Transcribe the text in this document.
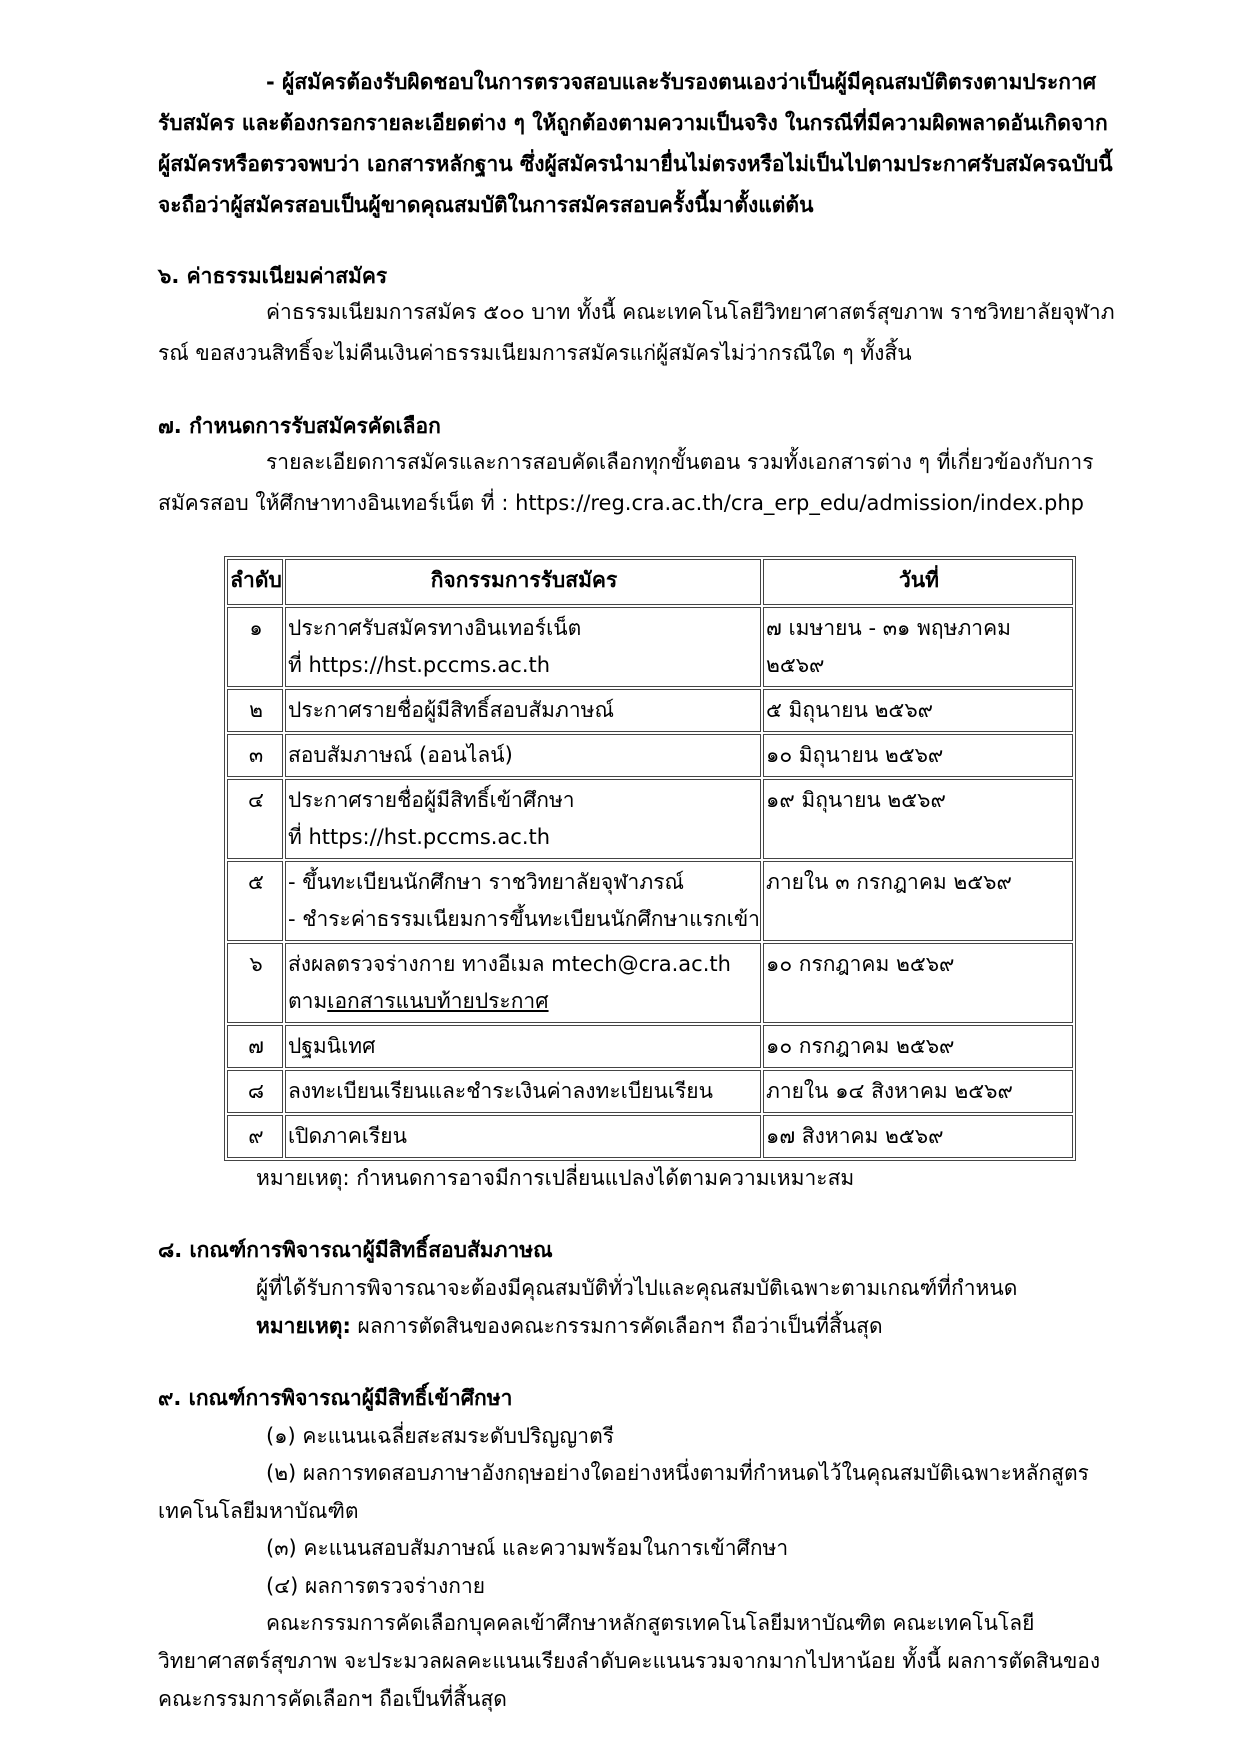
- ผู้สมัครต้องรับผิดชอบในการตรวจสอบและรับรองตนเองว่าเป็นผู้มีคุณสมบัติตรงตามประกาศรับสมัคร และต้องกรอกรายละเอียดต่าง ๆ ให้ถูกต้องตามความเป็นจริง ในกรณีที่มีความผิดพลาดอันเกิดจากผู้สมัครหรือตรวจพบว่า เอกสารหลักฐาน ซึ่งผู้สมัครนำมายื่นไม่ตรงหรือไม่เป็นไปตามประกาศรับสมัครฉบับนี้ จะถือว่าผู้สมัครสอบเป็นผู้ขาดคุณสมบัติในการสมัครสอบครั้งนี้มาตั้งแต่ต้น

๖. ค่าธรรมเนียมค่าสมัคร

ค่าธรรมเนียมการสมัคร ๕๐๐ บาท ทั้งนี้ คณะเทคโนโลยีวิทยาศาสตร์สุขภาพ ราชวิทยาลัยจุฬาภรณ์ ขอสงวนสิทธิ์จะไม่คืนเงินค่าธรรมเนียมการสมัครแก่ผู้สมัครไม่ว่ากรณีใด ๆ ทั้งสิ้น

๗. กำหนดการรับสมัครคัดเลือก

รายละเอียดการสมัครและการสอบคัดเลือกทุกขั้นตอน รวมทั้งเอกสารต่าง ๆ ที่เกี่ยวข้องกับการสมัครสอบ ให้ศึกษาทางอินเทอร์เน็ต ที่ : https://reg.cra.ac.th/cra_erp_edu/admission/index.php

ลำดับ	กิจกรรมการรับสมัคร	วันที่
๑	ประกาศรับสมัครทางอินเทอร์เน็ต
ที่ https://hst.pccms.ac.th	๗ เมษายน - ๓๑ พฤษภาคม ๒๕๖๙
๒	ประกาศรายชื่อผู้มีสิทธิ์สอบสัมภาษณ์	๕ มิถุนายน ๒๕๖๙
๓	สอบสัมภาษณ์ (ออนไลน์)	๑๐ มิถุนายน ๒๕๖๙
๔	ประกาศรายชื่อผู้มีสิทธิ์เข้าศึกษา
ที่ https://hst.pccms.ac.th	๑๙ มิถุนายน ๒๕๖๙
๕	- ขึ้นทะเบียนนักศึกษา ราชวิทยาลัยจุฬาภรณ์
- ชำระค่าธรรมเนียมการขึ้นทะเบียนนักศึกษาแรกเข้า	ภายใน ๓ กรกฎาคม ๒๕๖๙
๖	ส่งผลตรวจร่างกาย ทางอีเมล mtech@cra.ac.th
ตามเอกสารแนบท้ายประกาศ	๑๐ กรกฎาคม ๒๕๖๙
๗	ปฐมนิเทศ	๑๐ กรกฎาคม ๒๕๖๙
๘	ลงทะเบียนเรียนและชำระเงินค่าลงทะเบียนเรียน	ภายใน ๑๔ สิงหาคม ๒๕๖๙
๙	เปิดภาคเรียน	๑๗ สิงหาคม ๒๕๖๙

หมายเหตุ: กำหนดการอาจมีการเปลี่ยนแปลงได้ตามความเหมาะสม

๘. เกณฑ์การพิจารณาผู้มีสิทธิ์สอบสัมภาษณ

ผู้ที่ได้รับการพิจารณาจะต้องมีคุณสมบัติทั่วไปและคุณสมบัติเฉพาะตามเกณฑ์ที่กำหนด

หมายเหตุ: ผลการตัดสินของคณะกรรมการคัดเลือกฯ ถือว่าเป็นที่สิ้นสุด

๙. เกณฑ์การพิจารณาผู้มีสิทธิ์เข้าศึกษา

(๑) คะแนนเฉลี่ยสะสมระดับปริญญาตรี

(๒) ผลการทดสอบภาษาอังกฤษอย่างใดอย่างหนึ่งตามที่กำหนดไว้ในคุณสมบัติเฉพาะหลักสูตรเทคโนโลยีมหาบัณฑิต

(๓) คะแนนสอบสัมภาษณ์ และความพร้อมในการเข้าศึกษา

(๔) ผลการตรวจร่างกาย

คณะกรรมการคัดเลือกบุคคลเข้าศึกษาหลักสูตรเทคโนโลยีมหาบัณฑิต คณะเทคโนโลยีวิทยาศาสตร์สุขภาพ จะประมวลผลคะแนนเรียงลำดับคะแนนรวมจากมากไปหาน้อย ทั้งนี้ ผลการตัดสินของคณะกรรมการคัดเลือกฯ ถือเป็นที่สิ้นสุด
